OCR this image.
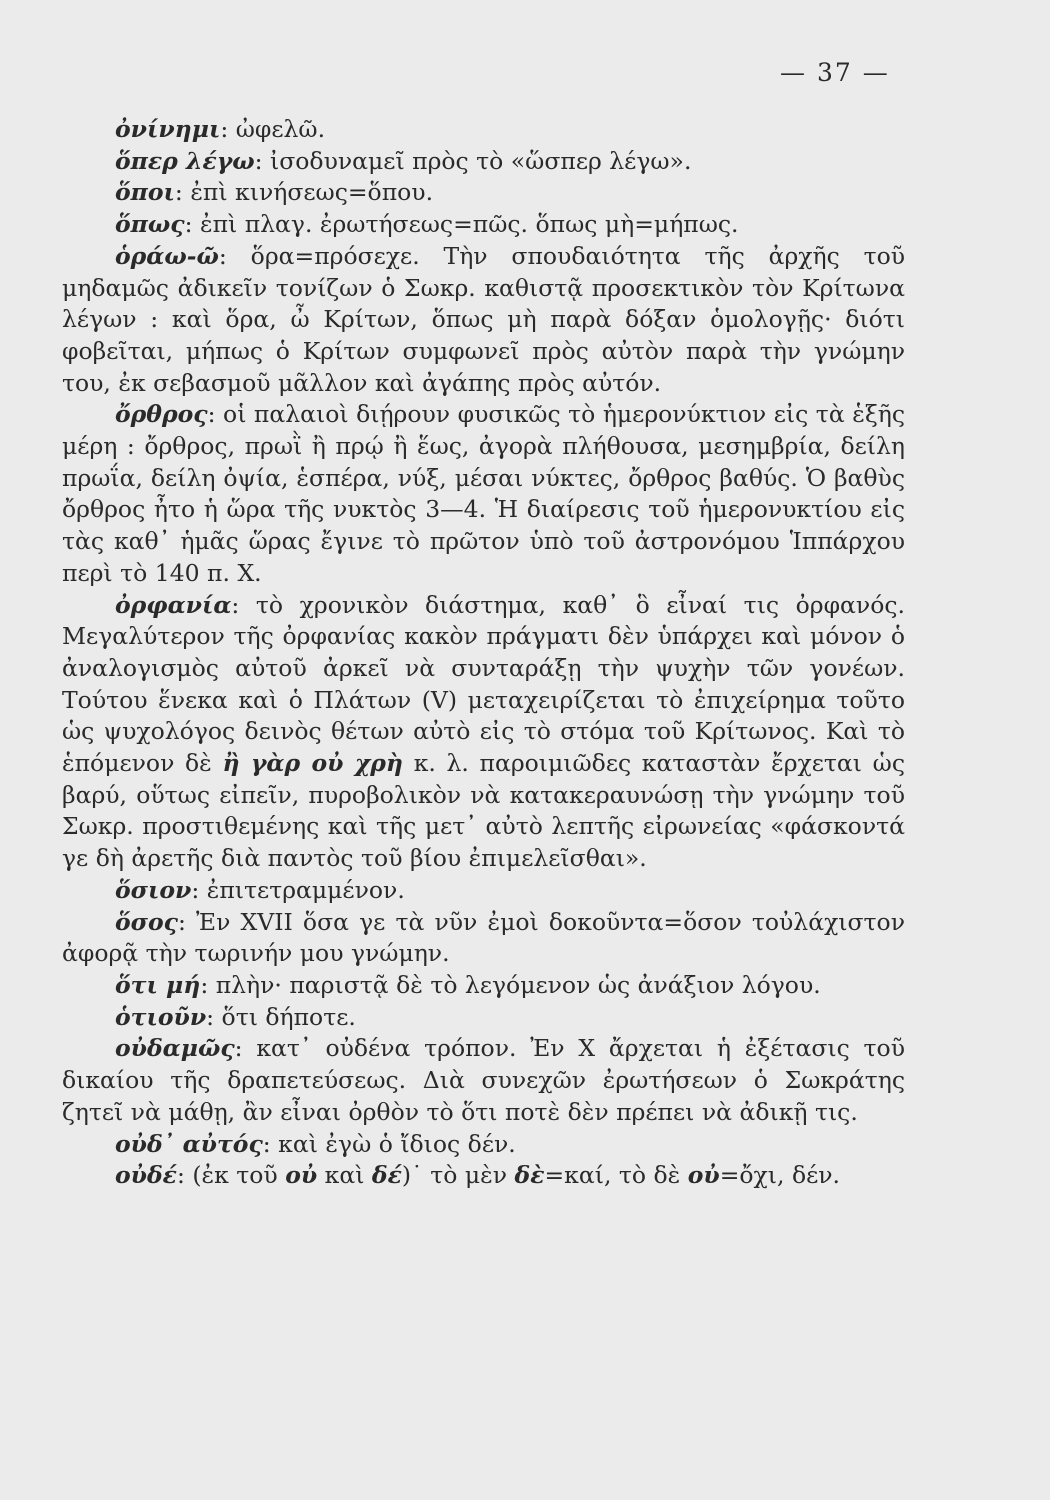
— 37 —

ὀνίνημι: ὠφελῶ.

ὅπερ λέγω: ἰσοδυναμεῖ πρὸς τὸ «ὥσπερ λέγω».

ὅποι: ἐπὶ κινήσεως=ὅπου.

ὅπως: ἐπὶ πλαγ. ἐρωτήσεως=πῶς. ὅπως μὴ=μήπως.

ὁράω-ῶ: ὅρα=πρόσεχε. Τὴν σπουδαιότητα τῆς ἀρχῆς τοῦ μηδαμῶς ἀδικεῖν τονίζων ὁ Σωκρ. καθιστᾷ προσεκτικὸν τὸν Κρίτωνα λέγων : καὶ ὅρα, ὦ Κρίτων, ὅπως μὴ παρὰ δόξαν ὁμολογῇς· διότι φοβεῖται, μήπως ὁ Κρίτων συμφωνεῖ πρὸς αὐτὸν παρὰ τὴν γνώμην του, ἐκ σεβασμοῦ μᾶλλον καὶ ἀγάπης πρὸς αὐτόν.

ὄρθρος: οἱ παλαιοὶ διῄρουν φυσικῶς τὸ ἡμερονύκτιον εἰς τὰ ἑξῆς μέρη : ὄρθρος, πρωῒ ἢ πρῴ ἢ ἕως, ἀγορὰ πλήθουσα, μεσημβρία, δείλη πρωΐα, δείλη ὀψία, ἑσπέρα, νύξ, μέσαι νύκτες, ὄρθρος βαθύς. Ὁ βαθὺς ὄρθρος ἦτο ἡ ὥρα τῆς νυκτὸς 3—4. Ἡ διαίρεσις τοῦ ἡμερονυκτίου εἰς τὰς καθ᾿ ἡμᾶς ὥρας ἔγινε τὸ πρῶτον ὑπὸ τοῦ ἀστρονόμου Ἱππάρχου περὶ τὸ 140 π. Χ.

ὀρφανία: τὸ χρονικὸν διάστημα, καθ᾿ ὃ εἶναί τις ὀρφανός. Μεγαλύτερον τῆς ὀρφανίας κακὸν πράγματι δὲν ὑπάρχει καὶ μόνον ὁ ἀναλογισμὸς αὐτοῦ ἀρκεῖ νὰ συνταράξῃ τὴν ψυχὴν τῶν γονέων. Τούτου ἕνεκα καὶ ὁ Πλάτων (V) μεταχειρίζεται τὸ ἐπιχείρημα τοῦτο ὡς ψυχολόγος δεινὸς θέτων αὐτὸ εἰς τὸ στόμα τοῦ Κρίτωνος. Καὶ τὸ ἑπόμενον δὲ ἢ γὰρ οὐ χρὴ κ. λ. παροιμιῶδες καταστὰν ἔρχεται ὡς βαρύ, οὕτως εἰπεῖν, πυροβολικὸν νὰ κατακεραυνώσῃ τὴν γνώμην τοῦ Σωκρ. προστιθεμένης καὶ τῆς μετ᾿ αὐτὸ λεπτῆς εἰρωνείας «φάσκοντά γε δὴ ἀρετῆς διὰ παντὸς τοῦ βίου ἐπιμελεῖσθαι».

ὅσιον: ἐπιτετραμμένον.

ὅσος: Ἐν XVII ὅσα γε τὰ νῦν ἐμοὶ δοκοῦντα=ὅσον τοὐλάχιστον ἀφορᾷ τὴν τωρινήν μου γνώμην.

ὅτι μή: πλὴν· παριστᾷ δὲ τὸ λεγόμενον ὡς ἀνάξιον λόγου.

ὁτιοῦν: ὅτι δήποτε.

οὐδαμῶς: κατ᾿ οὐδένα τρόπον. Ἐν X ἄρχεται ἡ ἐξέτασις τοῦ δικαίου τῆς δραπετεύσεως. Διὰ συνεχῶν ἐρωτήσεων ὁ Σωκράτης ζητεῖ νὰ μάθῃ, ἂν εἶναι ὀρθὸν τὸ ὅτι ποτὲ δὲν πρέπει νὰ ἀδικῇ τις.

οὐδ᾿ αὐτός: καὶ ἐγὼ ὁ ἴδιος δέν.

οὐδέ: (ἐκ τοῦ οὐ καὶ δέ)˙ τὸ μὲν δὲ=καί, τὸ δὲ οὐ=ὄχι, δέν.
